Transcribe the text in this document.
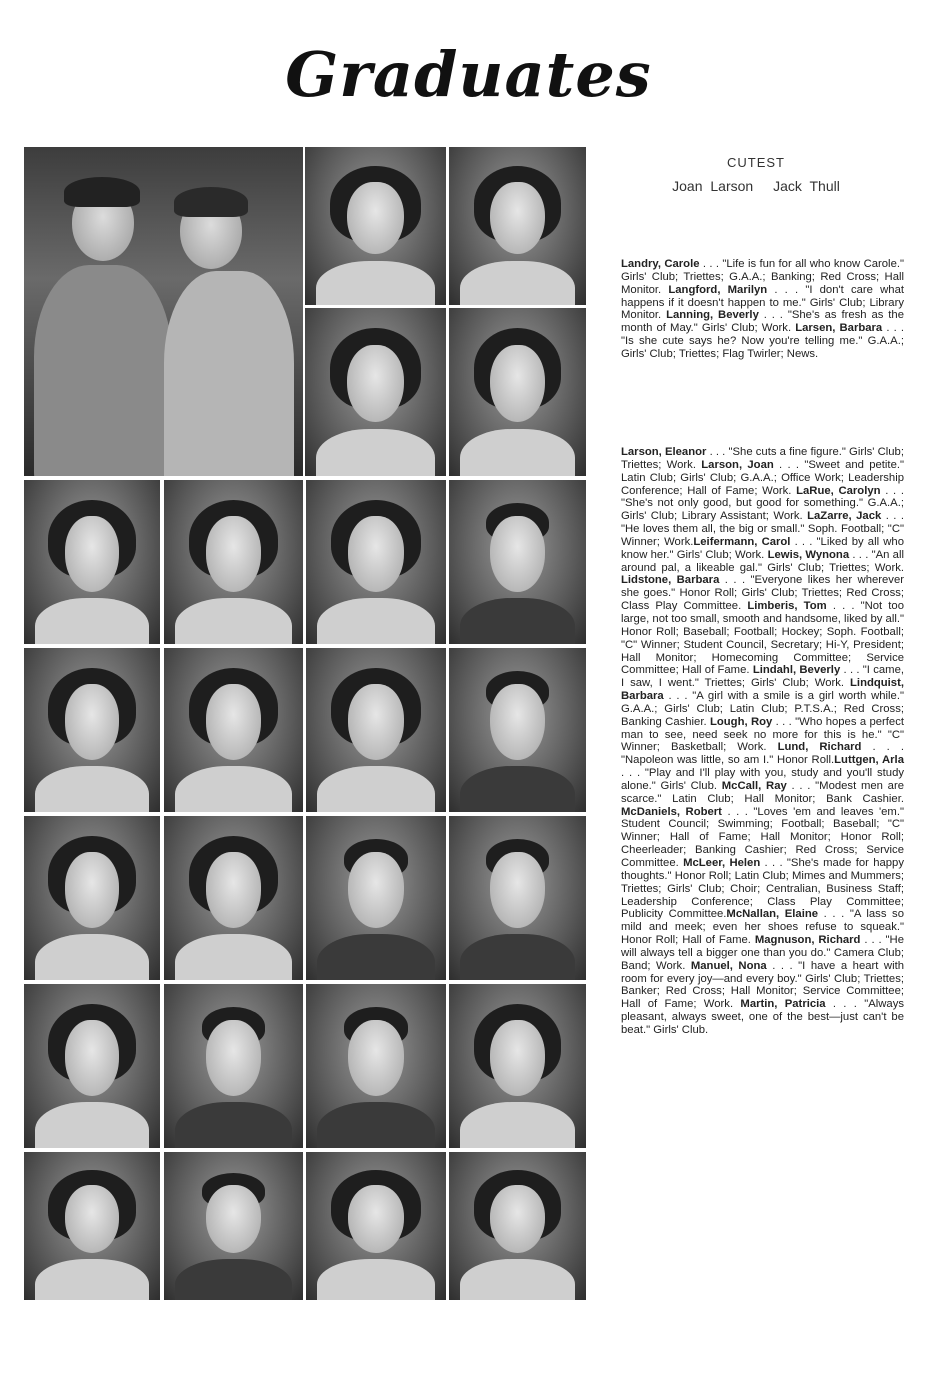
Graduates
CUTEST
Joan Larson Jack Thull
Landry, Carole . . . "Life is fun for all who know Carole." Girls' Club; Triettes; G.A.A.; Banking; Red Cross; Hall Monitor. Langford, Marilyn . . . "I don't care what happens if it doesn't happen to me." Girls' Club; Library Monitor. Lanning, Beverly . . . "She's as fresh as the month of May." Girls' Club; Work. Larsen, Barbara . . . "Is she cute says he? Now you're telling me." G.A.A.; Girls' Club; Triettes; Flag Twirler; News.
Larson, Eleanor . . . "She cuts a fine figure." Girls' Club; Triettes; Work. Larson, Joan . . . "Sweet and petite." Latin Club; Girls' Club; G.A.A.; Office Work; Leadership Conference; Hall of Fame; Work. LaRue, Carolyn . . . "She's not only good, but good for something." G.A.A.; Girls' Club; Library Assistant; Work. LaZarre, Jack . . . "He loves them all, the big or small." Soph. Football; "C" Winner; Work.Leifermann, Carol . . . "Liked by all who know her." Girls' Club; Work. Lewis, Wynona . . . "An all around pal, a likeable gal." Girls' Club; Triettes; Work. Lidstone, Barbara . . . "Everyone likes her wherever she goes." Honor Roll; Girls' Club; Triettes; Red Cross; Class Play Committee. Limberis, Tom . . . "Not too large, not too small, smooth and handsome, liked by all." Honor Roll; Baseball; Football; Hockey; Soph. Football; "C" Winner; Student Council, Secretary; Hi-Y, President; Hall Monitor; Homecoming Committee; Service Committee; Hall of Fame. Lindahl, Beverly . . . "I came, I saw, I went." Triettes; Girls' Club; Work. Lindquist, Barbara . . . "A girl with a smile is a girl worth while." G.A.A.; Girls' Club; Latin Club; P.T.S.A.; Red Cross; Banking Cashier. Lough, Roy . . . "Who hopes a perfect man to see, need seek no more for this is he." "C" Winner; Basketball; Work. Lund, Richard . . . "Napoleon was little, so am I." Honor Roll.Luttgen, Arla . . . "Play and I'll play with you, study and you'll study alone." Girls' Club. McCall, Ray . . . "Modest men are scarce." Latin Club; Hall Monitor; Bank Cashier. McDaniels, Robert . . . "Loves 'em and leaves 'em." Student Council; Swimming; Football; Baseball; "C" Winner; Hall of Fame; Hall Monitor; Honor Roll; Cheerleader; Banking Cashier; Red Cross; Service Committee. McLeer, Helen . . . "She's made for happy thoughts." Honor Roll; Latin Club; Mimes and Mummers; Triettes; Girls' Club; Choir; Centralian, Business Staff; Leadership Conference; Class Play Committee; Publicity Committee.McNallan, Elaine . . . "A lass so mild and meek; even her shoes refuse to squeak." Honor Roll; Hall of Fame. Magnuson, Richard . . . "He will always tell a bigger one than you do." Camera Club; Band; Work. Manuel, Nona . . . "I have a heart with room for every joy—and every boy." Girls' Club; Triettes; Banker; Red Cross; Hall Monitor; Service Committee; Hall of Fame; Work. Martin, Patricia . . . "Always pleasant, always sweet, one of the best—just can't be beat." Girls' Club.
